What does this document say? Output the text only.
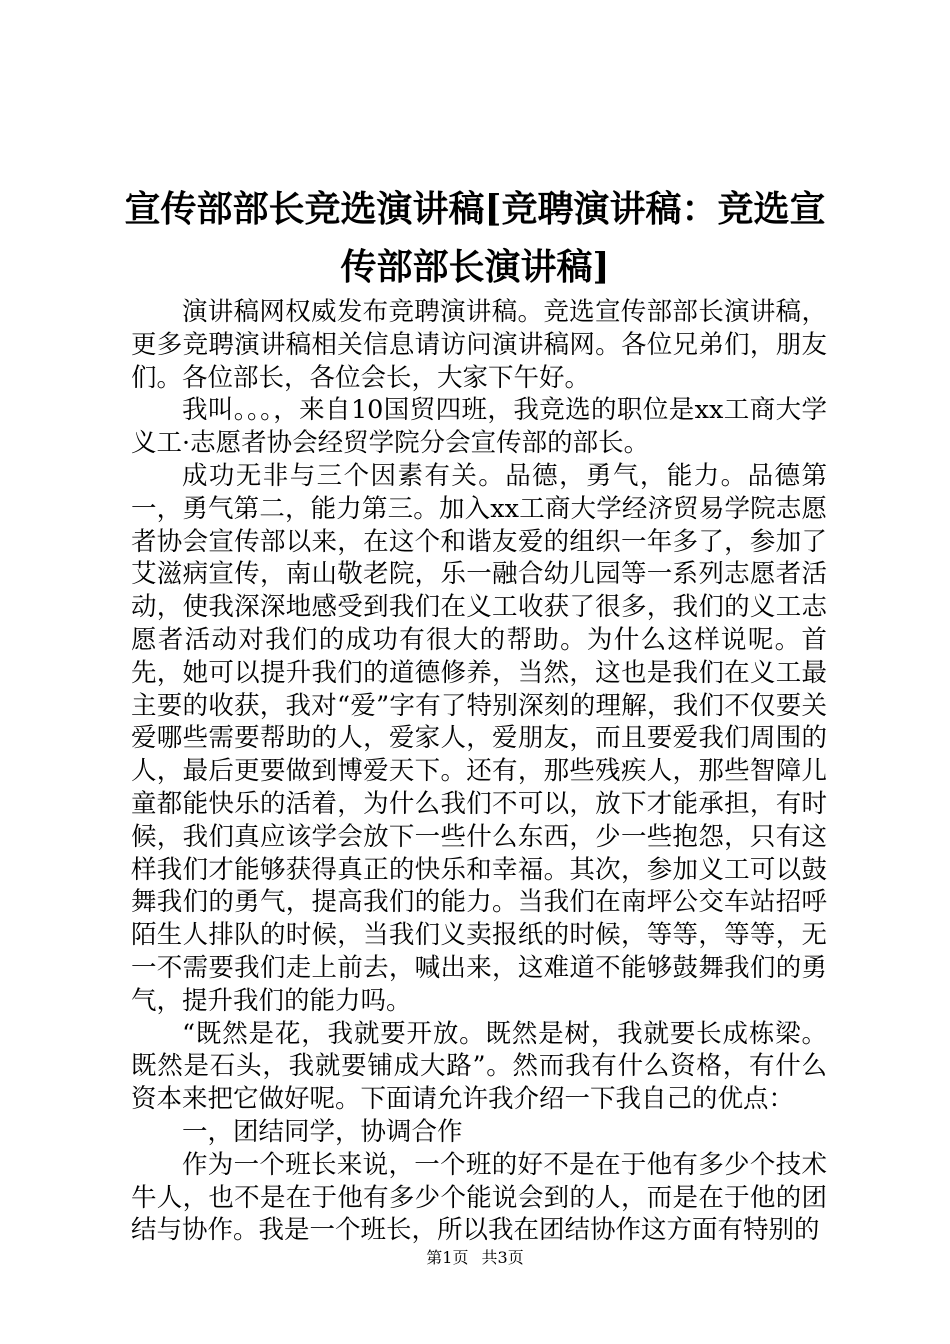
宣传部部长竞选演讲稿[竞聘演讲稿：竞选宣传部部长演讲稿]

演讲稿网权威发布竞聘演讲稿。竞选宣传部部长演讲稿，更多竞聘演讲稿相关信息请访问演讲稿网。各位兄弟们，朋友们。各位部长，各位会长，大家下午好。

我叫。。。，来自10国贸四班，我竞选的职位是xx工商大学义工·志愿者协会经贸学院分会宣传部的部长。

成功无非与三个因素有关。品德，勇气，能力。品德第一，勇气第二，能力第三。加入xx工商大学经济贸易学院志愿者协会宣传部以来，在这个和谐友爱的组织一年多了，参加了艾滋病宣传，南山敬老院，乐一融合幼儿园等一系列志愿者活动，使我深深地感受到我们在义工收获了很多，我们的义工志愿者活动对我们的成功有很大的帮助。为什么这样说呢。首先，她可以提升我们的道德修养，当然，这也是我们在义工最主要的收获，我对“爱”字有了特别深刻的理解，我们不仅要关爱哪些需要帮助的人，爱家人，爱朋友，而且要爱我们周围的人，最后更要做到博爱天下。还有，那些残疾人，那些智障儿童都能快乐的活着，为什么我们不可以，放下才能承担，有时候，我们真应该学会放下一些什么东西，少一些抱怨，只有这样我们才能够获得真正的快乐和幸福。其次，参加义工可以鼓舞我们的勇气，提高我们的能力。当我们在南坪公交车站招呼陌生人排队的时候，当我们义卖报纸的时候，等等，等等，无一不需要我们走上前去，喊出来，这难道不能够鼓舞我们的勇气，提升我们的能力吗。

“既然是花，我就要开放。既然是树，我就要长成栋梁。既然是石头，我就要铺成大路”。然而我有什么资格，有什么资本来把它做好呢。下面请允许我介绍一下我自己的优点：

一，团结同学，协调合作

作为一个班长来说，一个班的好不是在于他有多少个技术牛人，也不是在于他有多少个能说会到的人，而是在于他的团结与协作。我是一个班长，所以我在团结协作这方面有特别的

第1页 共3页
